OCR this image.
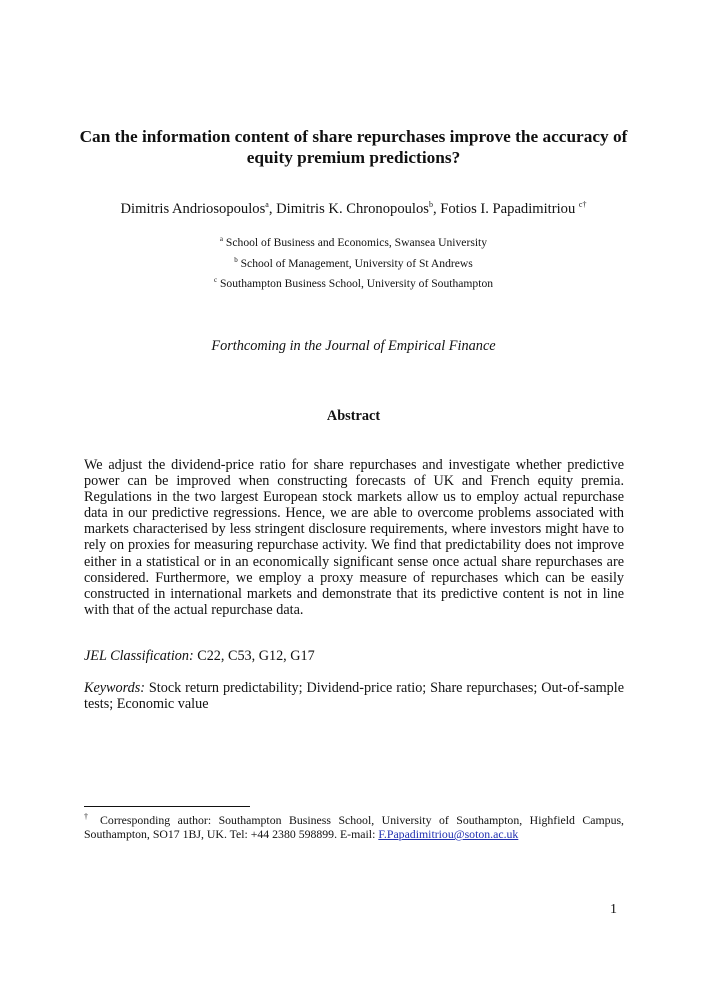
Can the information content of share repurchases improve the accuracy of equity premium predictions?
Dimitris Andriosopoulos$^a$, Dimitris K. Chronopoulos$^b$, Fotios I. Papadimitriou $^{c\dagger}$
$^a$ School of Business and Economics, Swansea University
$^b$ School of Management, University of St Andrews
$^c$ Southampton Business School, University of Southampton
Forthcoming in the Journal of Empirical Finance
Abstract
We adjust the dividend-price ratio for share repurchases and investigate whether predictive power can be improved when constructing forecasts of UK and French equity premia. Regulations in the two largest European stock markets allow us to employ actual repurchase data in our predictive regressions. Hence, we are able to overcome problems associated with markets characterised by less stringent disclosure requirements, where investors might have to rely on proxies for measuring repurchase activity. We find that predictability does not improve either in a statistical or in an economically significant sense once actual share repurchases are considered. Furthermore, we employ a proxy measure of repurchases which can be easily constructed in international markets and demonstrate that its predictive content is not in line with that of the actual repurchase data.
JEL Classification: C22, C53, G12, G17
Keywords: Stock return predictability; Dividend-price ratio; Share repurchases; Out-of-sample tests; Economic value
† Corresponding author: Southampton Business School, University of Southampton, Highfield Campus, Southampton, SO17 1BJ, UK. Tel: +44 2380 598899. E-mail: F.Papadimitriou@soton.ac.uk
1
